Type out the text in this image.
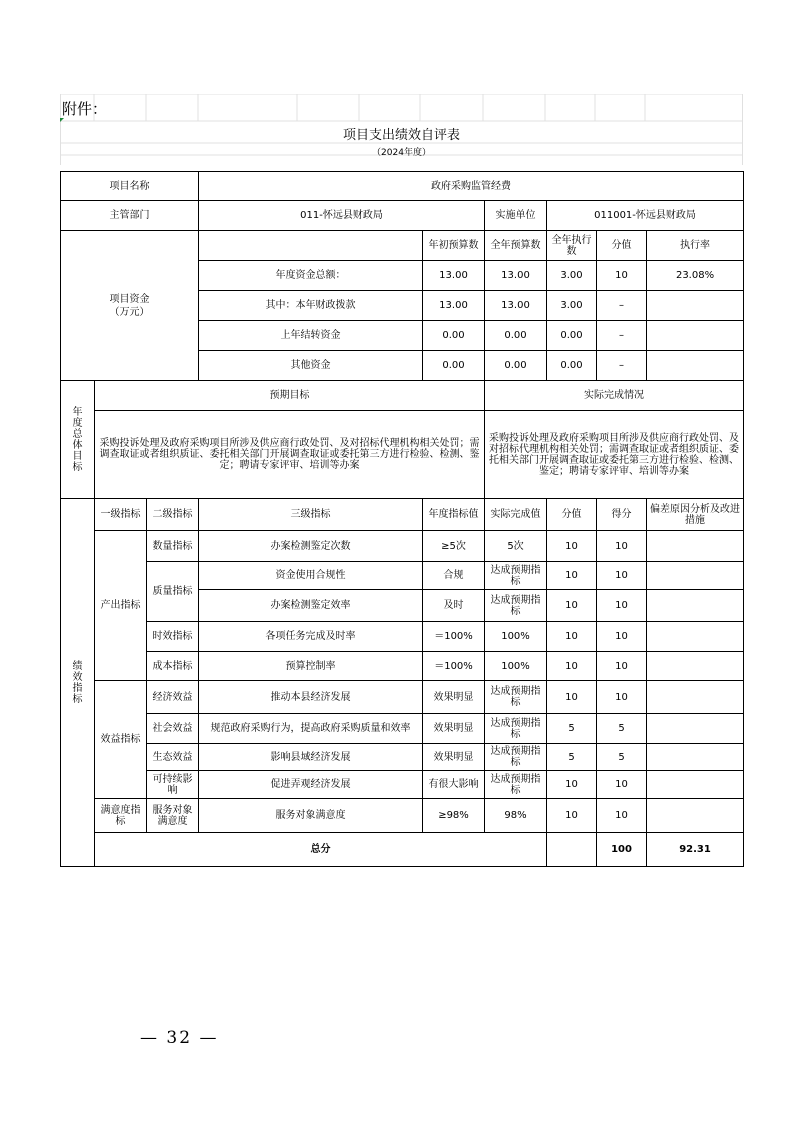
附件：
项目支出绩效自评表
（2024年度）
项目名称			政府采购监管经费						
主管部门			011-怀远县财政局		实施单位	011001-怀远县财政局			
项目资金
（万元）				年初预算数	全年预算数	全年执行数	分值	执行率	
			年度资金总额：	13.00	13.00	3.00	10	23.08%	
			其中：本年财政拨款	13.00	13.00	3.00	–		
			上年结转资金	0.00	0.00	0.00	–		
			其他资金	0.00	0.00	0.00	–		
年度总体目标	预期目标				实际完成情况				
	采购投诉处理及政府采购项目所涉及供应商行政处罚、及对招标代理机构相关处罚；需调查取证或者组织质证、委托相关部门开展调查取证或委托第三方进行检验、检测、鉴定；聘请专家评审、培训等办案				采购投诉处理及政府采购项目所涉及供应商行政处罚、及对招标代理机构相关处罚；需调查取证或者组织质证、委托相关部门开展调查取证或委托第三方进行检验、检测、鉴定；聘请专家评审、培训等办案				
绩效指标	一级指标	二级指标	三级指标	年度指标值	实际完成值	分值	得分	偏差原因分析及改进措施	
	产出指标	数量指标	办案检测鉴定次数	≥5次	5次	10	10		
		质量指标	资金使用合规性	合规	达成预期指标	10	10		
			办案检测鉴定效率	及时	达成预期指标	10	10		
		时效指标	各项任务完成及时率	＝100%	100%	10	10		
		成本指标	预算控制率	＝100%	100%	10	10		
	效益指标	经济效益	推动本县经济发展	效果明显	达成预期指标	10	10		
		社会效益	规范政府采购行为，提高政府采购质量和效率	效果明显	达成预期指标	5	5		
		生态效益	影响县域经济发展	效果明显	达成预期指标	5	5		
		可持续影响	促进弄观经济发展	有很大影响	达成预期指标	10	10		
	满意度指标	服务对象满意度	服务对象满意度	≥98%	98%	10	10		
	总分						100	92.31	
— 32 —
